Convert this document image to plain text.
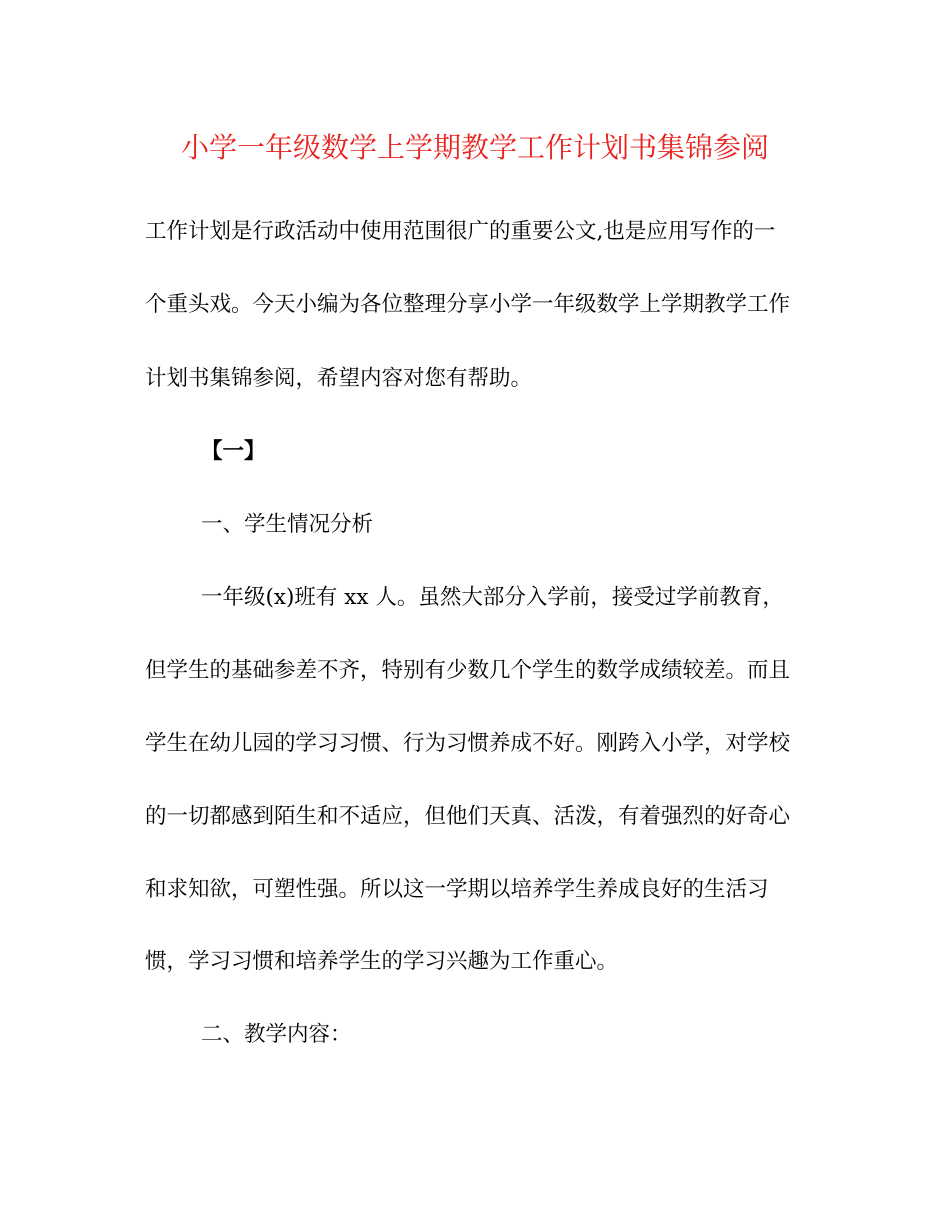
小学一年级数学上学期教学工作计划书集锦参阅
工作计划是行政活动中使用范围很广的重要公文,也是应用写作的一
个重头戏。今天小编为各位整理分享小学一年级数学上学期教学工作
计划书集锦参阅，希望内容对您有帮助。
【一】
一、学生情况分析
一年级(x)班有 xx 人。虽然大部分入学前，接受过学前教育，
但学生的基础参差不齐，特别有少数几个学生的数学成绩较差。而且
学生在幼儿园的学习习惯、行为习惯养成不好。刚跨入小学，对学校
的一切都感到陌生和不适应，但他们天真、活泼，有着强烈的好奇心
和求知欲，可塑性强。所以这一学期以培养学生养成良好的生活习
惯，学习习惯和培养学生的学习兴趣为工作重心。
二、教学内容：
